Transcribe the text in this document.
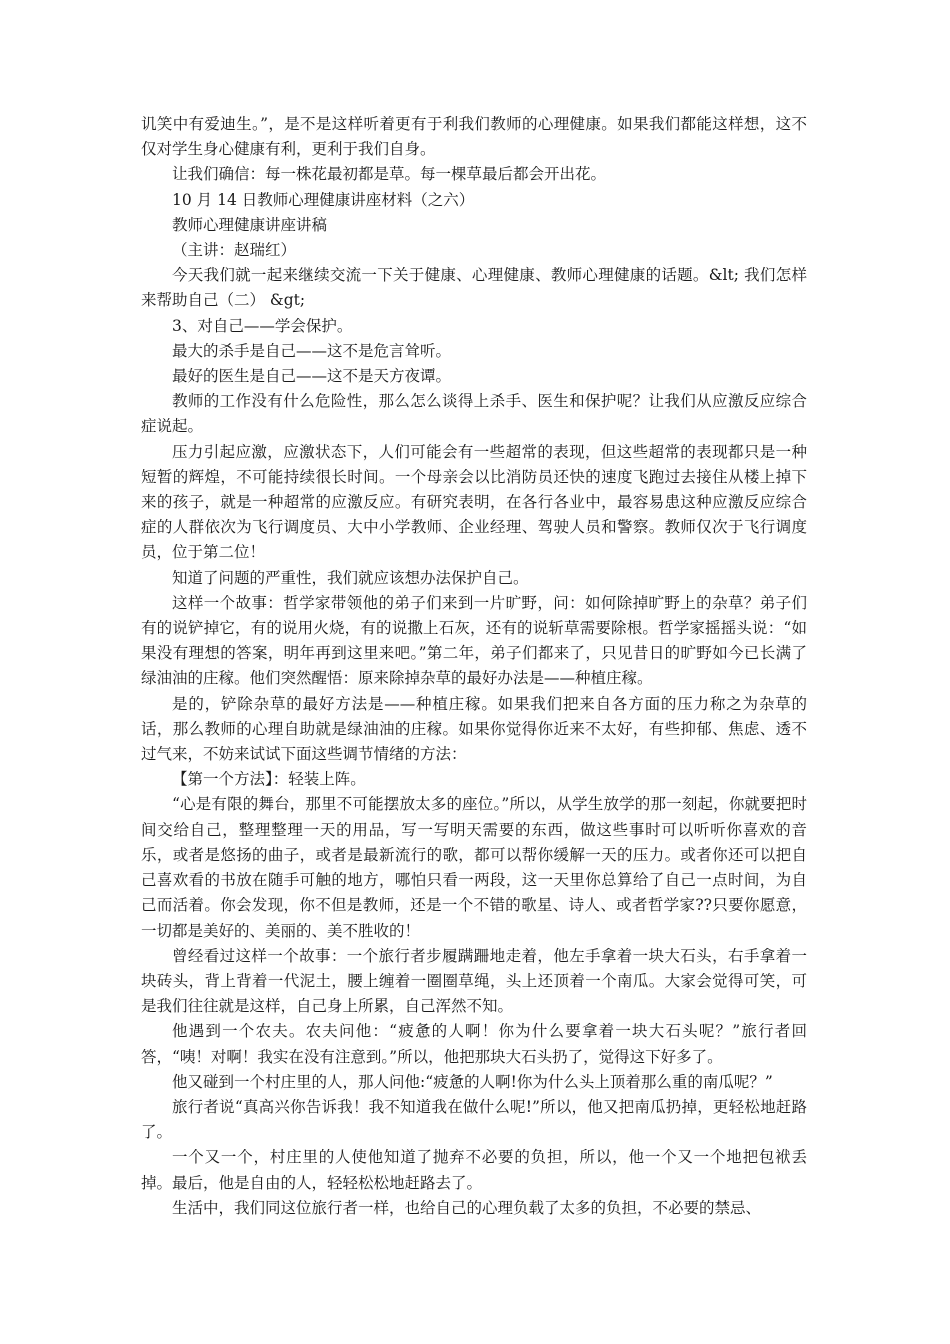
讥笑中有爱迪生。”，是不是这样听着更有于利我们教师的心理健康。如果我们都能这样想，这不仅对学生身心健康有利，更利于我们自身。

让我们确信：每一株花最初都是草。每一棵草最后都会开出花。

10 月 14 日教师心理健康讲座材料（之六）

教师心理健康讲座讲稿

（主讲：赵瑞红）

今天我们就一起来继续交流一下关于健康、心理健康、教师心理健康的话题。&lt; 我们怎样来帮助自己（二） &gt;

3、对自己——学会保护。

最大的杀手是自己——这不是危言耸听。

最好的医生是自己——这不是天方夜谭。

教师的工作没有什么危险性，那么怎么谈得上杀手、医生和保护呢？让我们从应激反应综合症说起。

压力引起应激，应激状态下，人们可能会有一些超常的表现，但这些超常的表现都只是一种短暂的辉煌，不可能持续很长时间。一个母亲会以比消防员还快的速度飞跑过去接住从楼上掉下来的孩子，就是一种超常的应激反应。有研究表明，在各行各业中，最容易患这种应激反应综合症的人群依次为飞行调度员、大中小学教师、企业经理、驾驶人员和警察。教师仅次于飞行调度员，位于第二位！

知道了问题的严重性，我们就应该想办法保护自己。

这样一个故事：哲学家带领他的弟子们来到一片旷野，问：如何除掉旷野上的杂草？弟子们有的说铲掉它，有的说用火烧，有的说撒上石灰，还有的说斩草需要除根。哲学家摇摇头说：“如果没有理想的答案，明年再到这里来吧。”第二年，弟子们都来了，只见昔日的旷野如今已长满了绿油油的庄稼。他们突然醒悟：原来除掉杂草的最好办法是——种植庄稼。

是的，铲除杂草的最好方法是——种植庄稼。如果我们把来自各方面的压力称之为杂草的话，那么教师的心理自助就是绿油油的庄稼。如果你觉得你近来不太好，有些抑郁、焦虑、透不过气来，不妨来试试下面这些调节情绪的方法：

【第一个方法】：轻装上阵。

“心是有限的舞台，那里不可能摆放太多的座位。”所以，从学生放学的那一刻起，你就要把时间交给自己，整理整理一天的用品，写一写明天需要的东西，做这些事时可以听听你喜欢的音乐，或者是悠扬的曲子，或者是最新流行的歌，都可以帮你缓解一天的压力。或者你还可以把自己喜欢看的书放在随手可触的地方，哪怕只看一两段，这一天里你总算给了自己一点时间，为自己而活着。你会发现，你不但是教师，还是一个不错的歌星、诗人、或者哲学家??只要你愿意，一切都是美好的、美丽的、美不胜收的！

曾经看过这样一个故事：一个旅行者步履蹒跚地走着，他左手拿着一块大石头，右手拿着一块砖头，背上背着一代泥土，腰上缠着一圈圈草绳，头上还顶着一个南瓜。大家会觉得可笑，可是我们往往就是这样，自己身上所累，自己浑然不知。

他遇到一个农夫。农夫问他：“疲惫的人啊！你为什么要拿着一块大石头呢？”旅行者回答，“咦！对啊！我实在没有注意到。”所以，他把那块大石头扔了，觉得这下好多了。

他又碰到一个村庄里的人，那人问他:“疲惫的人啊!你为什么头上顶着那么重的南瓜呢？”

旅行者说“真高兴你告诉我！我不知道我在做什么呢!”所以，他又把南瓜扔掉，更轻松地赶路了。

一个又一个，村庄里的人使他知道了抛弃不必要的负担，所以，他一个又一个地把包袱丢掉。最后，他是自由的人，轻轻松松地赶路去了。

生活中，我们同这位旅行者一样，也给自己的心理负载了太多的负担，不必要的禁忌、
